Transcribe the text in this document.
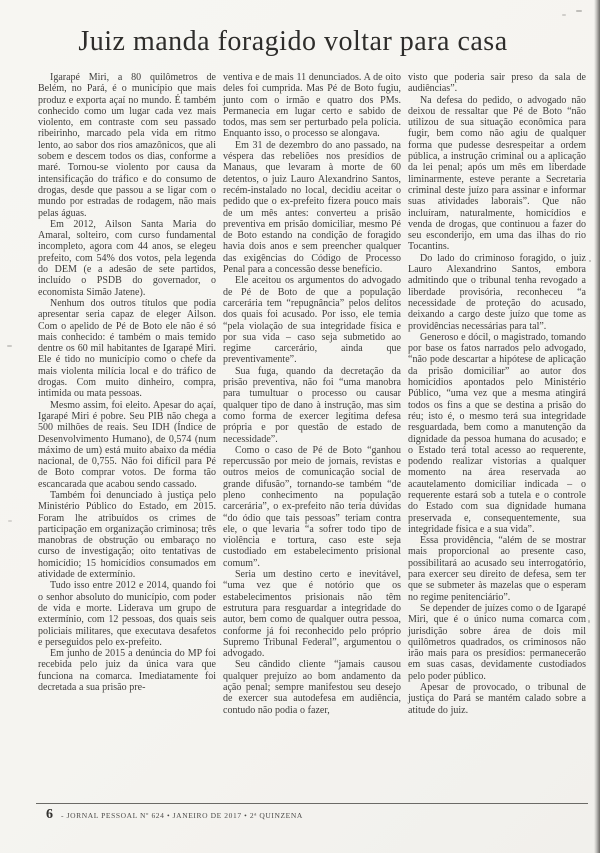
Juiz manda foragido voltar para casa

Igarapé Miri, a 80 quilômetros de Belém, no Pará, é o município que mais produz e exporta açaí no mundo. É também conhecido como um lugar cada vez mais violento, em contraste com seu passado ribeirinho, marcado pela vida em ritmo lento, ao sabor dos rios amazônicos, que ali sobem e descem todos os dias, conforme a maré. Tornou-se violento por causa da intensificação do tráfico e do consumo de drogas, desde que passou a se ligar com o mundo por estradas de rodagem, não mais pelas águas.

Em 2012, Ailson Santa Maria do Amaral, solteiro, com curso fundamental incompleto, agora com 44 anos, se elegeu prefeito, com 54% dos votos, pela legenda do DEM (e a adesão de sete partidos, incluído o PSDB do governador, o economista Simão Jatene).

Nenhum dos outros títulos que podia apresentar seria capaz de eleger Ailson. Com o apelido de Pé de Boto ele não é só mais conhecido: é também o mais temido dentre os 60 mil habitantes de Igarapé Miri. Ele é tido no município como o chefe da mais violenta milícia local e do tráfico de drogas. Com muito dinheiro, compra, intimida ou mata pessoas.

Mesmo assim, foi eleito. Apesar do açaí, Igarapé Miri é pobre. Seu PIB não chega a 500 milhões de reais. Seu IDH (Índice de Desenvolvimento Humano), de 0,574 (num máximo de um) está muito abaixo da média nacional, de 0,755. Não foi difícil para Pé de Boto comprar votos. De forma tão escancarada que acabou sendo cassado.

Também foi denunciado à justiça pelo Ministério Público do Estado, em 2015. Foram lhe atribuídos os crimes de participação em organização criminosa; três manobras de obstrução ou embaraço no curso de investigação; oito tentativas de homicídio; 15 homicídios consumados em atividade de extermínio.

Tudo isso entre 2012 e 2014, quando foi o senhor absoluto do município, com poder de vida e morte. Liderava um grupo de extermínio, com 12 pessoas, dos quais seis policiais militares, que executava desafetos e perseguidos pelo ex-prefeito.

Em junho de 2015 a denúncia do MP foi recebida pelo juiz da única vara que funciona na comarca. Imediatamente foi decretada a sua prisão pre-

ventiva e de mais 11 denunciados. A de oito deles foi cumprida. Mas Pé de Boto fugiu, junto com o irmão e quatro dos PMs. Permanecia em lugar certo e sabido de todos, mas sem ser perturbado pela polícia. Enquanto isso, o processo se alongava.

Em 31 de dezembro do ano passado, na véspera das rebeliões nos presídios de Manaus, que levaram à morte de 60 detentos, o juiz Lauro Alexandrino Santos, recém-instalado no local, decidiu aceitar o pedido que o ex-prefeito fizera pouco mais de um mês antes: converteu a prisão preventiva em prisão domiciliar, mesmo Pé de Boto estando na condição de foragido havia dois anos e sem preencher qualquer das exigências do Código de Processo Penal para a concessão desse benefício.

Ele aceitou os argumentos do advogado de Pé de Boto de que a população carcerária tem “repugnância” pelos delitos dos quais foi acusado. Por isso, ele temia “pela violação de sua integridade física e por sua vida – caso seja submetido ao regime carcerário, ainda que preventivamente”.

Sua fuga, quando da decretação da prisão preventiva, não foi “uma manobra para tumultuar o processo ou causar qualquer tipo de dano à instrução, mas sim como forma de exercer legítima defesa própria e por questão de estado de necessidade”.

Como o caso de Pé de Boto “ganhou repercussão por meio de jornais, revistas e outros meios de comunicação social de grande difusão”, tornando-se também “de pleno conhecimento na população carcerária”, o ex-prefeito não teria dúvidas “do ódio que tais pessoas” teriam contra ele, o que levaria “a sofrer todo tipo de violência e tortura, caso este seja custodiado em estabelecimento prisional comum”.

Seria um destino certo e inevitável, “uma vez que é notório que os estabelecimentos prisionais não têm estrutura para resguardar a integridade do autor, bem como de qualquer outra pessoa, conforme já foi reconhecido pelo próprio Supremo Tribunal Federal”, argumentou o advogado.

Seu cândido cliente “jamais causou qualquer prejuízo ao bom andamento da ação penal; sempre manifestou seu desejo de exercer sua autodefesa em audiência, contudo não podia o fazer,

visto que poderia sair preso da sala de audiências”.

Na defesa do pedido, o advogado não deixou de ressaltar que Pé de Boto “não utilizou de sua situação econômica para fugir, bem como não agiu de qualquer forma que pudesse desrespeitar a ordem pública, a instrução criminal ou a aplicação da lei penal; após um mês em liberdade liminarmente, esteve perante a Secretaria criminal deste juízo para assinar e informar suas atividades laborais”. Que não incluíram, naturalmente, homicídios e venda de drogas, que continuou a fazer do seu esconderijo, em uma das ilhas do rio Tocantins.

Do lado do criminoso foragido, o juiz Lauro Alexandrino Santos, embora admitindo que o tribunal tenha revogado a liberdade provisória, reconheceu “a necessidade de proteção do acusado, deixando a cargo deste juízo que tome as providências necessárias para tal”.

Generoso e dócil, o magistrado, tomando por base os fatos narrados pelo advogado, “não pode descartar a hipótese de aplicação da prisão domiciliar” ao autor dos homicídios apontados pelo Ministério Público, “uma vez que a mesma atingirá todos os fins a que se destina a prisão do réu; isto é, o mesmo terá sua integridade resguardada, bem como a manutenção da dignidade da pessoa humana do acusado; e o Estado terá total acesso ao requerente, podendo realizar vistorias a qualquer momento na área reservada ao acautelamento domiciliar indicada – o requerente estará sob a tutela e o controle do Estado com sua dignidade humana preservada e, consequentemente, sua integridade física e a sua vida”.

Essa providência, “além de se mostrar mais proporcional ao presente caso, possibilitará ao acusado seu interrogatório, para exercer seu direito de defesa, sem ter que se submeter às mazelas que o esperam no regime penitenciário”.

Se depender de juízes como o de Igarapé Miri, que é o único numa comarca com jurisdição sobre área de dois mil quilômetros quadrados, os criminosos não irão mais para os presídios: permanecerão em suas casas, devidamente custodiados pelo poder público.

Apesar de provocado, o tribunal de justiça do Pará se mantém calado sobre a atitude do juiz.

6 - JORNAL PESSOAL Nº 624 • JANEIRO DE 2017 • 2ª QUINZENA
